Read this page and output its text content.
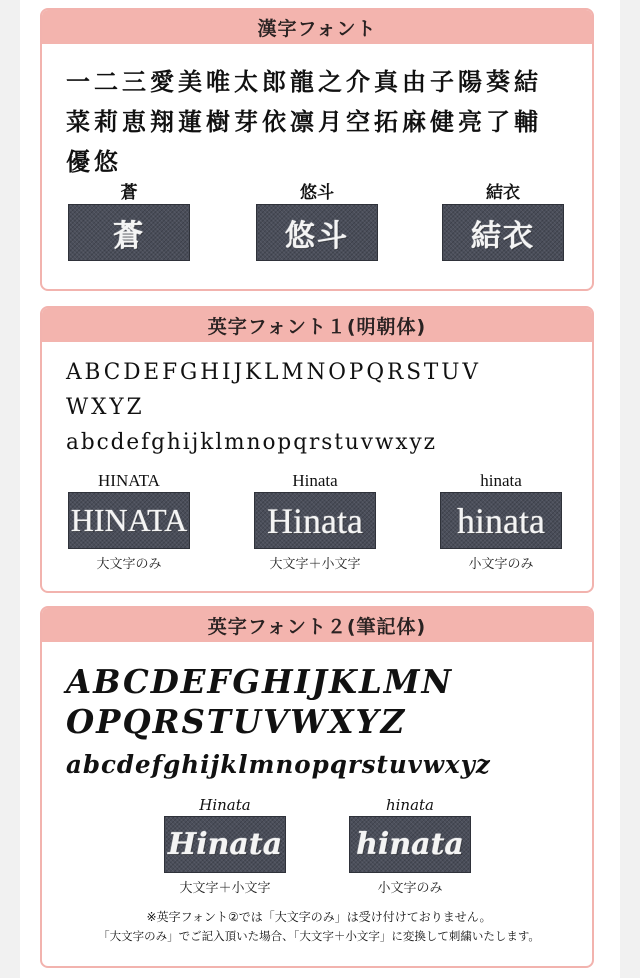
漢字フォント
一二三愛美唯太郎龍之介真由子陽葵結 菜莉恵翔蓮樹芽依凛月空拓麻健亮了輔 優悠
蒼
蒼
悠斗
悠斗
結衣
結衣
英字フォント１(明朝体)
ABCDEFGHIJKLMNOPQRSTUV
WXYZ
abcdefghijklmnopqrstuvwxyz
HINATA
HINATA
大文字のみ
Hinata
Hinata
大文字＋小文字
hinata
hinata
小文字のみ
英字フォント２(筆記体)
ABCDEFGHIJKLMN
OPQRSTUVWXYZ
abcdefghijklmnopqrstuvwxyz
Hinata
Hinata
大文字＋小文字
hinata
hinata
小文字のみ
※英字フォント②では「大文字のみ」は受け付けておりません。
「大文字のみ」でご記入頂いた場合、「大文字＋小文字」に変換して刺繍いたします。
